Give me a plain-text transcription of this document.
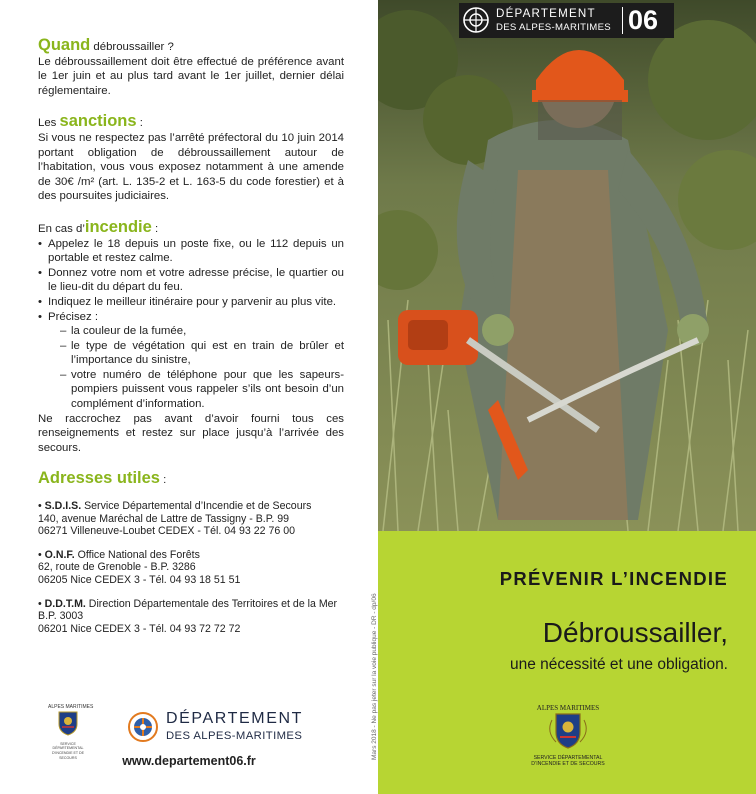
Quand débroussailler ?

Le débroussaillement doit être effectué de préférence avant le 1er juin et au plus tard avant le 1er juillet, dernier délai réglementaire.

Les sanctions :

Si vous ne respectez pas l’arrêté préfectoral du 10 juin 2014 portant obligation de débroussaillement autour de l’habitation, vous vous exposez notamment à une amende de 30€ /m² (art. L. 135-2 et L. 163-5 du code forestier) et à des poursuites judiciaires.

En cas d’incendie :
• Appelez le 18 depuis un poste fixe, ou le 112 depuis un portable et restez calme.
• Donnez votre nom et votre adresse précise, le quartier ou le lieu-dit du départ du feu.
• Indiquez le meilleur itinéraire pour y parvenir au plus vite.
• Précisez :
– la couleur de la fumée,
– le type de végétation qui est en train de brûler et l’importance du sinistre,
– votre numéro de téléphone pour que les sapeurs-pompiers puissent vous rappeler s’ils ont besoin d’un complément d’information.

Ne raccrochez pas avant d’avoir fourni tous ces renseignements et restez sur place jusqu’à l’arrivée des secours.

Adresses utiles :
• S.D.I.S. Service Départemental d’Incendie et de Secours
140, avenue Maréchal de Lattre de Tassigny - B.P. 99
06271 Villeneuve-Loubet CEDEX - Tél. 04 93 22 76 00
• O.N.F. Office National des Forêts
62, route de Grenoble - B.P. 3286
06205 Nice CEDEX 3 - Tél. 04 93 18 51 51
• D.D.T.M. Direction Départementale des Territoires et de la Mer
B.P. 3003
06201 Nice CEDEX 3 - Tél. 04 93 72 72 72
ALPES MARITIMES
SERVICE DÉPARTEMENTAL
D’INCENDIE ET DE SECOURS
DÉPARTEMENT
DES ALPES-MARITIMES
www.departement06.fr
Mars 2018 - Ne pas jeter sur la voie publique - DR - dp/06
DÉPARTEMENT
DES ALPES-MARITIMES 06
PRÉVENIR L’INCENDIE
Débroussailler,
une nécessité et une obligation.
ALPES MARITIMES
SERVICE DÉPARTEMENTAL
D’INCENDIE ET DE SECOURS
